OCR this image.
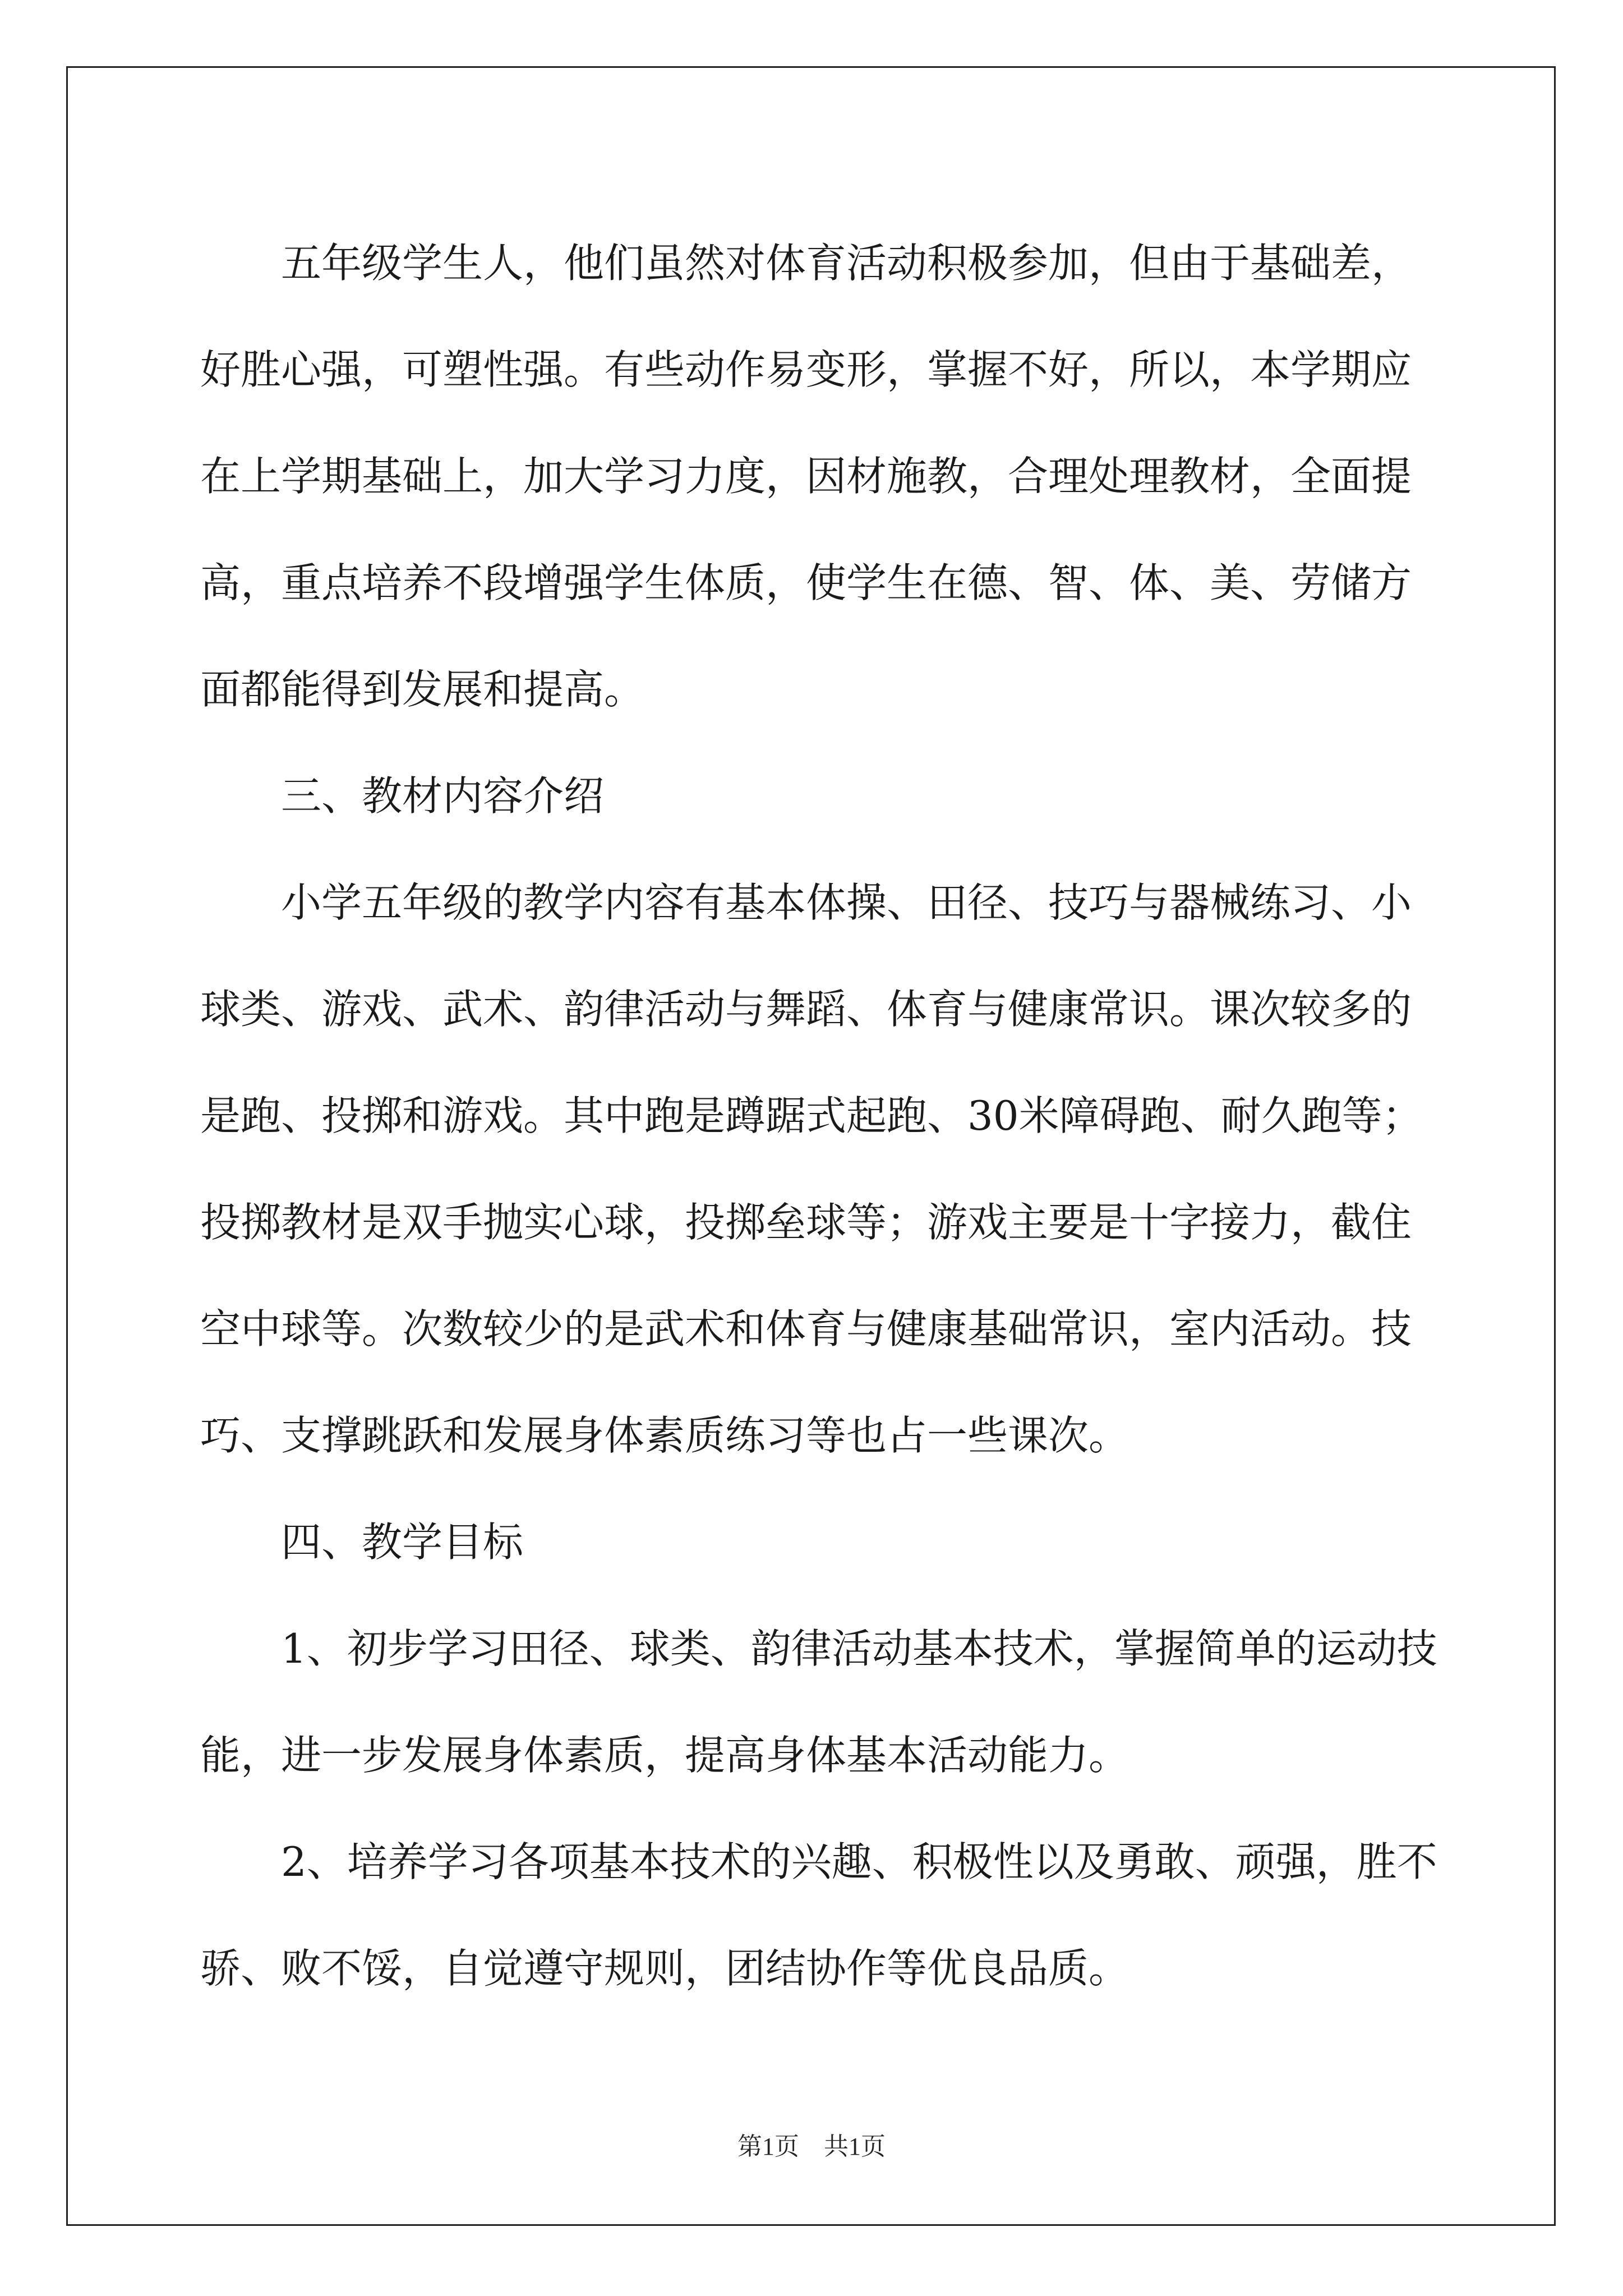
五年级学生人，他们虽然对体育活动积极参加，但由于基础差，
好胜心强，可塑性强。有些动作易变形，掌握不好，所以，本学期应
在上学期基础上，加大学习力度，因材施教，合理处理教材，全面提
高，重点培养不段增强学生体质，使学生在德、智、体、美、劳储方
面都能得到发展和提高。
三、教材内容介绍
小学五年级的教学内容有基本体操、田径、技巧与器械练习、小
球类、游戏、武术、韵律活动与舞蹈、体育与健康常识。课次较多的
是跑、投掷和游戏。其中跑是蹲踞式起跑、30米障碍跑、耐久跑等；
投掷教材是双手抛实心球，投掷垒球等；游戏主要是十字接力，截住
空中球等。次数较少的是武术和体育与健康基础常识，室内活动。技
巧、支撑跳跃和发展身体素质练习等也占一些课次。
四、教学目标
1、初步学习田径、球类、韵律活动基本技术，掌握简单的运动技
能，进一步发展身体素质，提高身体基本活动能力。
2、培养学习各项基本技术的兴趣、积极性以及勇敢、顽强，胜不
骄、败不馁，自觉遵守规则，团结协作等优良品质。
第1页　共1页
